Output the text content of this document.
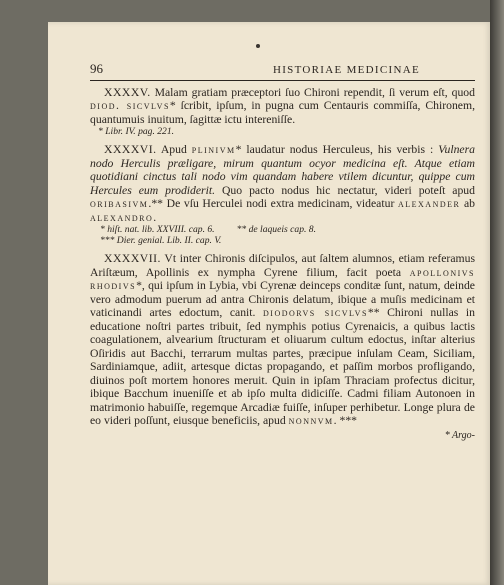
96	HISTORIAE MEDICINAE

XXXXV. Malam gratiam præceptori ſuo Chironi rependit, ſi verum eſt, quod diod. sicvlvs* ſcribit, ipſum, in pugna cum Centauris commiſſa, Chironem, quantumuis inuitum, ſagittæ ictu intereniſſe.

* Libr. IV. pag. 221.

XXXXVI. Apud plinivm* laudatur nodus Herculeus, his verbis : Vulnera nodo Herculis præligare, mirum quantum ocyor medicina eſt. Atque etiam quotidiani cinctus tali nodo vim quandam habere vtilem dicuntur, quippe cum Hercules eum prodiderit. Quo pacto nodus hic nectatur, videri poteſt apud oribasivm.** De vſu Herculei nodi extra medicinam, videatur alexander ab alexandro.

* hiſt. nat. lib. XXVIII. cap. 6. ** de laqueis cap. 8.
*** Dier. genial. Lib. II. cap. V.

XXXXVII. Vt inter Chironis diſcipulos, aut ſaltem alumnos, etiam referamus Ariſtæum, Apollinis ex nympha Cyrene filium, facit poeta apollonivs rhodivs*, qui ipſum in Lybia, vbi Cyrenæ deinceps conditæ ſunt, natum, deinde vero admodum puerum ad antra Chironis delatum, ibique a muſis medicinam et vaticinandi artes edoctum, canit. diodorvs sicvlvs** Chironi nullas in educatione noſtri partes tribuit, ſed nymphis potius Cyrenaicis, a quibus lactis coagulationem, alvearium ſtructuram et oliuarum cultum edoctus, inſtar alterius Oſiridis aut Bacchi, terrarum multas partes, præcipue inſulam Ceam, Siciliam, Sardiniamque, adiit, artesque dictas propagando, et paſſim morbos profligando, diuinos poſt mortem honores meruit. Quin in ipſam Thraciam profectus dicitur, ibique Bacchum inueniſſe et ab ipſo multa didiciſſe. Cadmi filiam Autonoen in matrimonio habuiſſe, regemque Arcadiæ fuiſſe, inſuper perhibetur. Longe plura de eo videri poſſunt, eiusque beneficiis, apud nonnvm. ***

* Argo-
